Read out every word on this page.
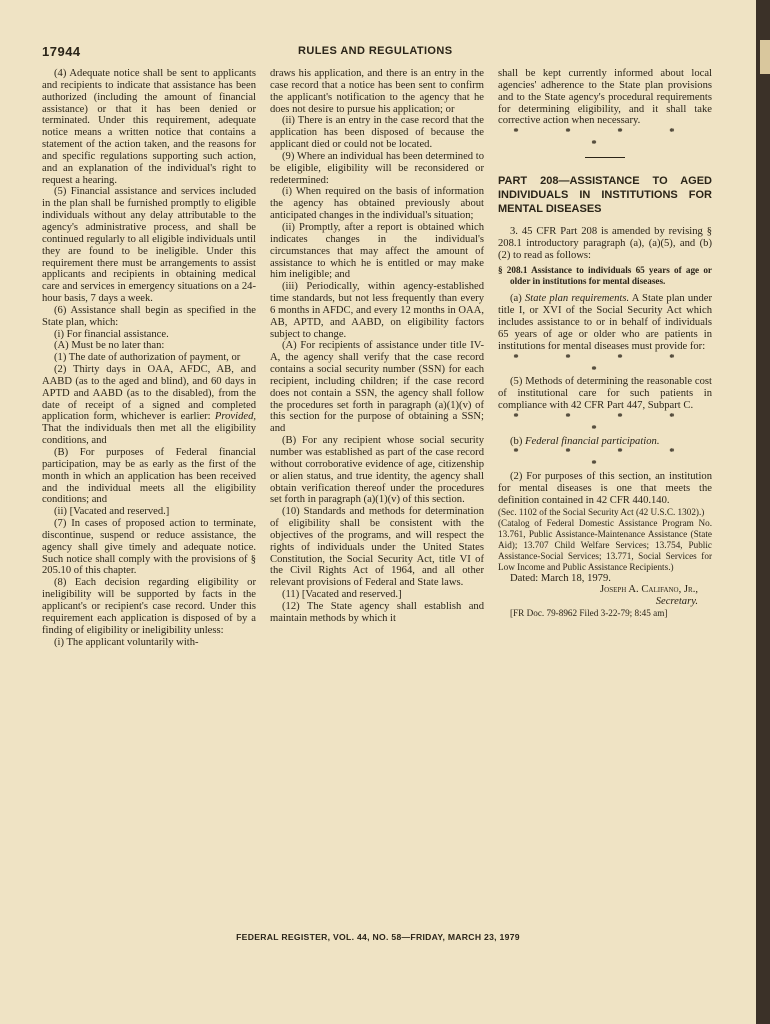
17944	RULES AND REGULATIONS

(4) Adequate notice shall be sent to applicants and recipients to indicate that assistance has been authorized (including the amount of financial assistance) or that it has been denied or terminated. Under this requirement, adequate notice means a written notice that contains a statement of the action taken, and the reasons for and specific regulations supporting such action, and an explanation of the individual's right to request a hearing.

(5) Financial assistance and services included in the plan shall be furnished promptly to eligible individuals without any delay attributable to the agency's administrative process, and shall be continued regularly to all eligible individuals until they are found to be ineligible. Under this requirement there must be arrangements to assist applicants and recipients in obtaining medical care and services in emergency situations on a 24-hour basis, 7 days a week.

(6) Assistance shall begin as specified in the State plan, which:

(i) For financial assistance.

(A) Must be no later than:

(1) The date of authorization of payment, or

(2) Thirty days in OAA, AFDC, AB, and AABD (as to the aged and blind), and 60 days in APTD and AABD (as to the disabled), from the date of receipt of a signed and completed application form, whichever is earlier: Provided, That the individuals then met all the eligibility conditions, and

(B) For purposes of Federal financial participation, may be as early as the first of the month in which an application has been received and the individual meets all the eligibility conditions; and

(ii) [Vacated and reserved.]

(7) In cases of proposed action to terminate, discontinue, suspend or reduce assistance, the agency shall give timely and adequate notice. Such notice shall comply with the provisions of § 205.10 of this chapter.

(8) Each decision regarding eligibility or ineligibility will be supported by facts in the applicant's or recipient's case record. Under this requirement each application is disposed of by a finding of eligibility or ineligibility unless:

(i) The applicant voluntarily with-

draws his application, and there is an entry in the case record that a notice has been sent to confirm the applicant's notification to the agency that he does not desire to pursue his application; or

(ii) There is an entry in the case record that the application has been disposed of because the applicant died or could not be located.

(9) Where an individual has been determined to be eligible, eligibility will be reconsidered or redetermined:

(i) When required on the basis of information the agency has obtained previously about anticipated changes in the individual's situation;

(ii) Promptly, after a report is obtained which indicates changes in the individual's circumstances that may affect the amount of assistance to which he is entitled or may make him ineligible; and

(iii) Periodically, within agency-established time standards, but not less frequently than every 6 months in AFDC, and every 12 months in OAA, AB, APTD, and AABD, on eligibility factors subject to change.

(A) For recipients of assistance under title IV-A, the agency shall verify that the case record contains a social security number (SSN) for each recipient, including children; if the case record does not contain a SSN, the agency shall follow the procedures set forth in paragraph (a)(1)(v) of this section for the purpose of obtaining a SSN; and

(B) For any recipient whose social security number was established as part of the case record without corroborative evidence of age, citizenship or alien status, and true identity, the agency shall obtain verification thereof under the procedures set forth in paragraph (a)(1)(v) of this section.

(10) Standards and methods for determination of eligibility shall be consistent with the objectives of the programs, and will respect the rights of individuals under the United States Constitution, the Social Security Act, title VI of the Civil Rights Act of 1964, and all other relevant provisions of Federal and State laws.

(11) [Vacated and reserved.]

(12) The State agency shall establish and maintain methods by which it

shall be kept currently informed about local agencies' adherence to the State plan provisions and to the State agency's procedural requirements for determining eligibility, and it shall take corrective action when necessary.

* * * * *

PART 208—ASSISTANCE TO AGED INDIVIDUALS IN INSTITUTIONS FOR MENTAL DISEASES

3. 45 CFR Part 208 is amended by revising § 208.1 introductory paragraph (a), (a)(5), and (b)(2) to read as follows:

§ 208.1 Assistance to individuals 65 years of age or older in institutions for mental diseases.

(a) State plan requirements. A State plan under title I, or XVI of the Social Security Act which includes assistance to or in behalf of individuals 65 years of age or older who are patients in institutions for mental diseases must provide for:

* * * * *

(5) Methods of determining the reasonable cost of institutional care for such patients in compliance with 42 CFR Part 447, Subpart C.

* * * * *

(b) Federal financial participation.

* * * * *

(2) For purposes of this section, an institution for mental diseases is one that meets the definition contained in 42 CFR 440.140.

(Sec. 1102 of the Social Security Act (42 U.S.C. 1302).)

(Catalog of Federal Domestic Assistance Program No. 13.761, Public Assistance-Maintenance Assistance (State Aid); 13.707 Child Welfare Services; 13.754, Public Assistance-Social Services; 13.771, Social Services for Low Income and Public Assistance Recipients.)

Dated: March 18, 1979.

Joseph A. Califano, Jr.,

Secretary.

[FR Doc. 79-8962 Filed 3-22-79; 8:45 am]

FEDERAL REGISTER, VOL. 44, NO. 58—FRIDAY, MARCH 23, 1979
